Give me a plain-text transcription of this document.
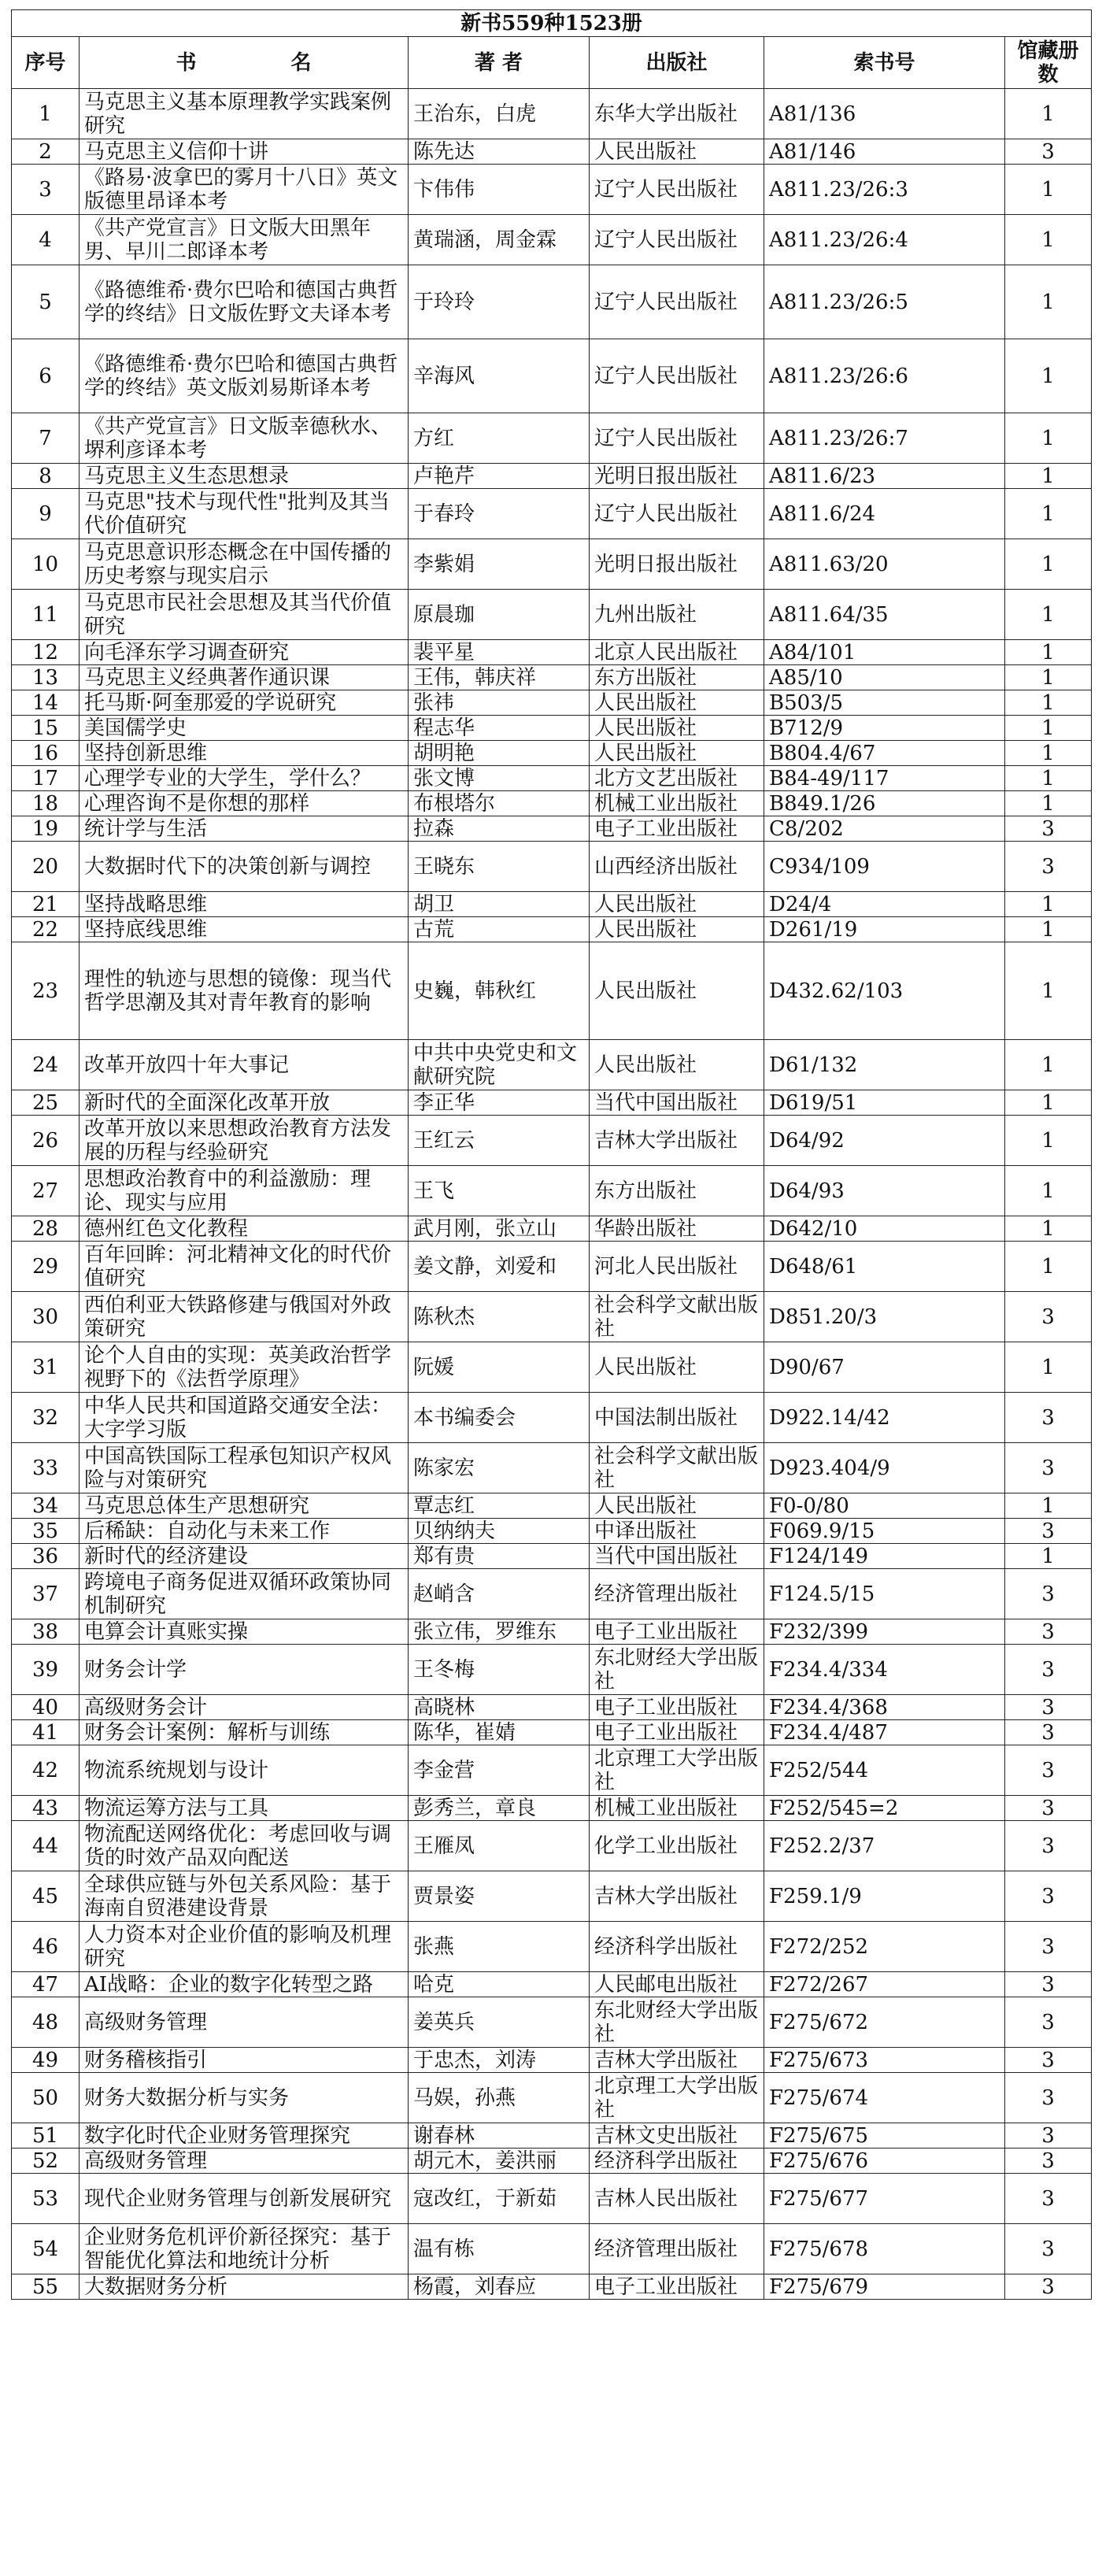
新书559种1523册					
序号	书 名	著 者	出版社	索书号	馆藏册数
1	马克思主义基本原理教学实践案例研究	王治东，白虎	东华大学出版社	A81/136	1
2	马克思主义信仰十讲	陈先达	人民出版社	A81/146	3
3	《路易·波拿巴的雾月十八日》英文版德里昂译本考	卞伟伟	辽宁人民出版社	A811.23/26:3	1
4	《共产党宣言》日文版大田黑年男、早川二郎译本考	黄瑞涵，周金霖	辽宁人民出版社	A811.23/26:4	1
5	《路德维希·费尔巴哈和德国古典哲学的终结》日文版佐野文夫译本考	于玲玲	辽宁人民出版社	A811.23/26:5	1
6	《路德维希·费尔巴哈和德国古典哲学的终结》英文版刘易斯译本考	辛海风	辽宁人民出版社	A811.23/26:6	1
7	《共产党宣言》日文版幸德秋水、堺利彦译本考	方红	辽宁人民出版社	A811.23/26:7	1
8	马克思主义生态思想录	卢艳芹	光明日报出版社	A811.6/23	1
9	马克思"技术与现代性"批判及其当代价值研究	于春玲	辽宁人民出版社	A811.6/24	1
10	马克思意识形态概念在中国传播的历史考察与现实启示	李紫娟	光明日报出版社	A811.63/20	1
11	马克思市民社会思想及其当代价值研究	原晨珈	九州出版社	A811.64/35	1
12	向毛泽东学习调查研究	裴平星	北京人民出版社	A84/101	1
13	马克思主义经典著作通识课	王伟，韩庆祥	东方出版社	A85/10	1
14	托马斯·阿奎那爱的学说研究	张祎	人民出版社	B503/5	1
15	美国儒学史	程志华	人民出版社	B712/9	1
16	坚持创新思维	胡明艳	人民出版社	B804.4/67	1
17	心理学专业的大学生，学什么？	张文博	北方文艺出版社	B84-49/117	1
18	心理咨询不是你想的那样	布根塔尔	机械工业出版社	B849.1/26	1
19	统计学与生活	拉森	电子工业出版社	C8/202	3
20	大数据时代下的决策创新与调控	王晓东	山西经济出版社	C934/109	3
21	坚持战略思维	胡卫	人民出版社	D24/4	1
22	坚持底线思维	古荒	人民出版社	D261/19	1
23	理性的轨迹与思想的镜像：现当代哲学思潮及其对青年教育的影响	史巍，韩秋红	人民出版社	D432.62/103	1
24	改革开放四十年大事记	中共中央党史和文献研究院	人民出版社	D61/132	1
25	新时代的全面深化改革开放	李正华	当代中国出版社	D619/51	1
26	改革开放以来思想政治教育方法发展的历程与经验研究	王红云	吉林大学出版社	D64/92	1
27	思想政治教育中的利益激励：理论、现实与应用	王飞	东方出版社	D64/93	1
28	德州红色文化教程	武月刚，张立山	华龄出版社	D642/10	1
29	百年回眸：河北精神文化的时代价值研究	姜文静，刘爱和	河北人民出版社	D648/61	1
30	西伯利亚大铁路修建与俄国对外政策研究	陈秋杰	社会科学文献出版社	D851.20/3	3
31	论个人自由的实现：英美政治哲学视野下的《法哲学原理》	阮媛	人民出版社	D90/67	1
32	中华人民共和国道路交通安全法：大字学习版	本书编委会	中国法制出版社	D922.14/42	3
33	中国高铁国际工程承包知识产权风险与对策研究	陈家宏	社会科学文献出版社	D923.404/9	3
34	马克思总体生产思想研究	覃志红	人民出版社	F0-0/80	1
35	后稀缺：自动化与未来工作	贝纳纳夫	中译出版社	F069.9/15	3
36	新时代的经济建设	郑有贵	当代中国出版社	F124/149	1
37	跨境电子商务促进双循环政策协同机制研究	赵峭含	经济管理出版社	F124.5/15	3
38	电算会计真账实操	张立伟，罗维东	电子工业出版社	F232/399	3
39	财务会计学	王冬梅	东北财经大学出版社	F234.4/334	3
40	高级财务会计	高晓林	电子工业出版社	F234.4/368	3
41	财务会计案例：解析与训练	陈华，崔婧	电子工业出版社	F234.4/487	3
42	物流系统规划与设计	李金营	北京理工大学出版社	F252/544	3
43	物流运筹方法与工具	彭秀兰，章良	机械工业出版社	F252/545=2	3
44	物流配送网络优化：考虑回收与调货的时效产品双向配送	王雁凤	化学工业出版社	F252.2/37	3
45	全球供应链与外包关系风险：基于海南自贸港建设背景	贾景姿	吉林大学出版社	F259.1/9	3
46	人力资本对企业价值的影响及机理研究	张燕	经济科学出版社	F272/252	3
47	AI战略：企业的数字化转型之路	哈克	人民邮电出版社	F272/267	3
48	高级财务管理	姜英兵	东北财经大学出版社	F275/672	3
49	财务稽核指引	于忠杰，刘涛	吉林大学出版社	F275/673	3
50	财务大数据分析与实务	马娱，孙燕	北京理工大学出版社	F275/674	3
51	数字化时代企业财务管理探究	谢春林	吉林文史出版社	F275/675	3
52	高级财务管理	胡元木，姜洪丽	经济科学出版社	F275/676	3
53	现代企业财务管理与创新发展研究	寇改红，于新茹	吉林人民出版社	F275/677	3
54	企业财务危机评价新径探究：基于智能优化算法和地统计分析	温有栋	经济管理出版社	F275/678	3
55	大数据财务分析	杨霞，刘春应	电子工业出版社	F275/679	3
